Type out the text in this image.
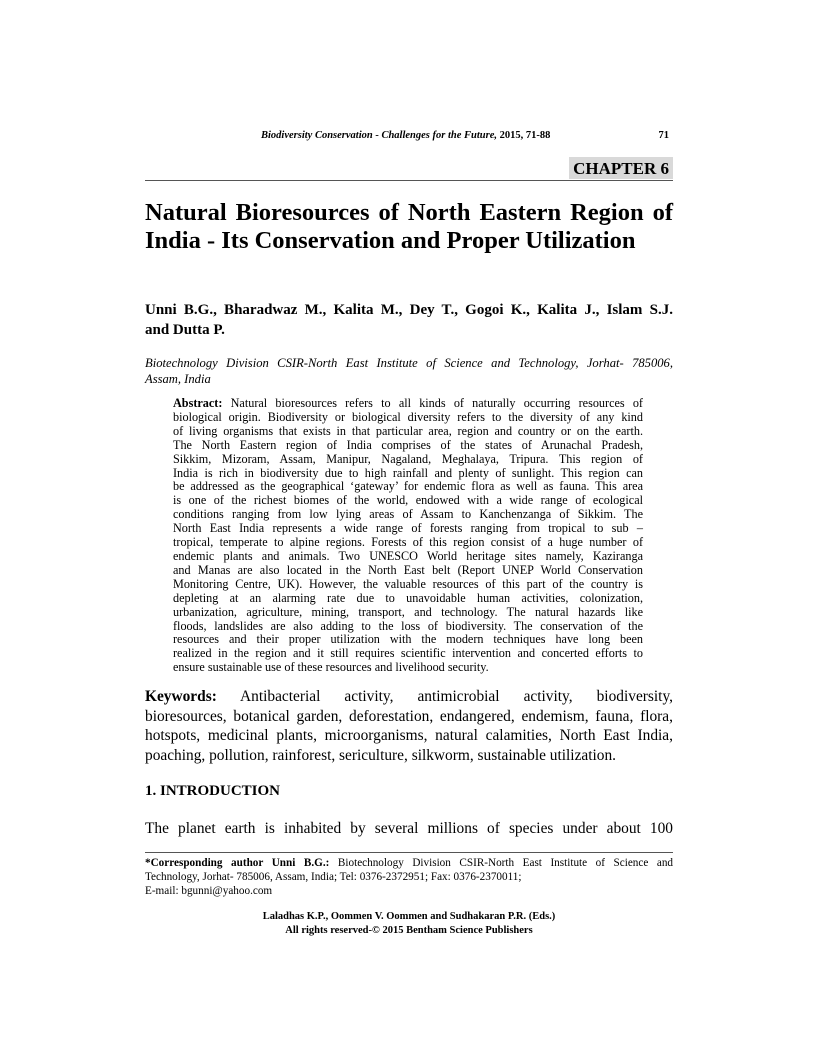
Biodiversity Conservation - Challenges for the Future, 2015, 71-88	71
CHAPTER 6
Natural Bioresources of North Eastern Region of
India - Its Conservation and Proper Utilization
Unni B.G., Bharadwaz M., Kalita M., Dey T., Gogoi K., Kalita J., Islam S.J.
and Dutta P.
Biotechnology Division CSIR-North East Institute of Science and Technology, Jorhat- 785006,
Assam, India
Abstract: Natural bioresources refers to all kinds of naturally occurring resources of
biological origin. Biodiversity or biological diversity refers to the diversity of any kind
of living organisms that exists in that particular area, region and country or on the earth.
The North Eastern region of India comprises of the states of Arunachal Pradesh,
Sikkim, Mizoram, Assam, Manipur, Nagaland, Meghalaya, Tripura. This region of
India is rich in biodiversity due to high rainfall and plenty of sunlight. This region can
be addressed as the geographical ‘gateway’ for endemic flora as well as fauna. This area
is one of the richest biomes of the world, endowed with a wide range of ecological
conditions ranging from low lying areas of Assam to Kanchenzanga of Sikkim. The
North East India represents a wide range of forests ranging from tropical to sub –
tropical, temperate to alpine regions. Forests of this region consist of a huge number of
endemic plants and animals. Two UNESCO World heritage sites namely, Kaziranga
and Manas are also located in the North East belt (Report UNEP World Conservation
Monitoring Centre, UK). However, the valuable resources of this part of the country is
depleting at an alarming rate due to unavoidable human activities, colonization,
urbanization, agriculture, mining, transport, and technology. The natural hazards like
floods, landslides are also adding to the loss of biodiversity. The conservation of the
resources and their proper utilization with the modern techniques have long been
realized in the region and it still requires scientific intervention and concerted efforts to
ensure sustainable use of these resources and livelihood security.
Keywords: Antibacterial activity, antimicrobial activity, biodiversity,
bioresources, botanical garden, deforestation, endangered, endemism, fauna, flora,
hotspots, medicinal plants, microorganisms, natural calamities, North East India,
poaching, pollution, rainforest, sericulture, silkworm, sustainable utilization.
1. INTRODUCTION
The planet earth is inhabited by several millions of species under about 100
*Corresponding author Unni B.G.: Biotechnology Division CSIR-North East Institute of Science and
Technology, Jorhat- 785006, Assam, India; Tel: 0376-2372951; Fax: 0376-2370011;
E-mail: bgunni@yahoo.com
Laladhas K.P., Oommen V. Oommen and Sudhakaran P.R. (Eds.)
All rights reserved-© 2015 Bentham Science Publishers
